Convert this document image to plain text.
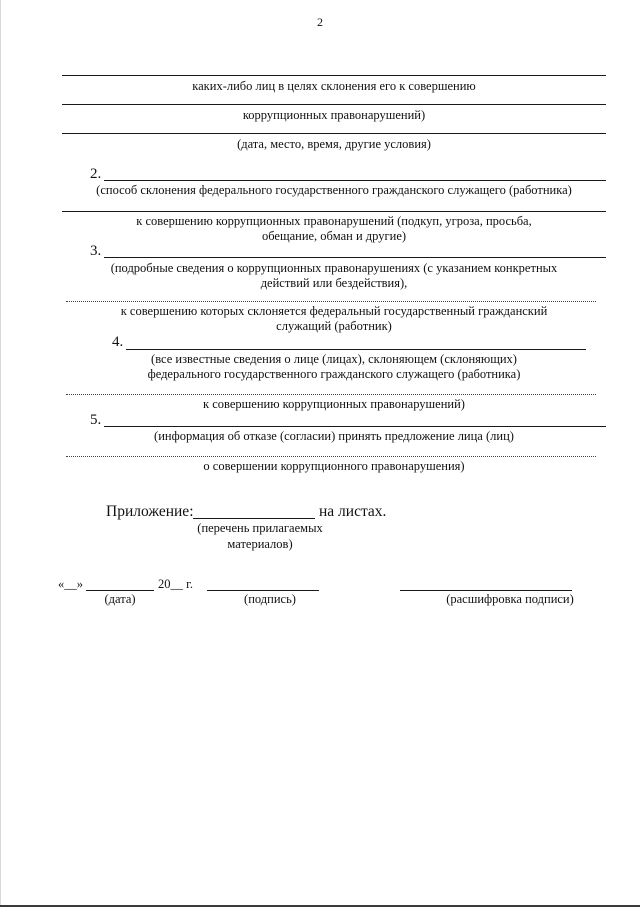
2
каких-либо лиц в целях склонения его к совершению
коррупционных правонарушений)
(дата, место, время, другие условия)
2.
(способ склонения федерального государственного гражданского служащего (работника)
к совершению коррупционных правонарушений (подкуп, угроза, просьба,
обещание, обман и другие)
3.
(подробные сведения о коррупционных правонарушениях (с указанием конкретных
действий или бездействия),
к совершению которых склоняется федеральный государственный гражданский
служащий (работник)
4.
(все известные сведения о лице (лицах), склоняющем (склоняющих)
федерального государственного гражданского служащего (работника)
к совершению коррупционных правонарушений)
5.
(информация об отказе (согласии) принять предложение лица (лиц)
о совершении коррупционного правонарушения)
Приложение:	на листах.
(перечень прилагаемых
материалов)
«__»	20__ г.
(дата)	(подпись)	(расшифровка подписи)
